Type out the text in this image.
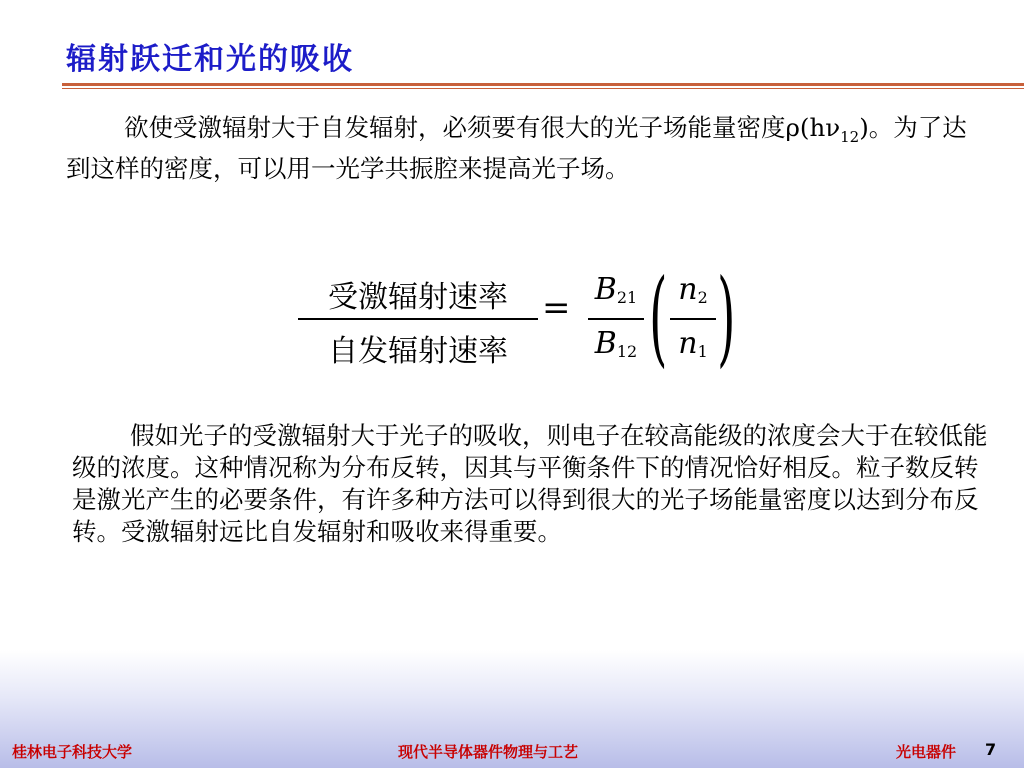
辐射跃迁和光的吸收

欲使受激辐射大于自发辐射，必须要有很大的光子场能量密度$\rho(h\nu_{12})$。为了达到这样的密度，可以用一光学共振腔来提高光子场。

受激辐射速率
自发辐射速率
= $B_{21}$
$B_{12}$ ( $n_2$
$n_1$ )

假如光子的受激辐射大于光子的吸收，则电子在较高能级的浓度会大于在较低能级的浓度。这种情况称为分布反转，因其与平衡条件下的情况恰好相反。粒子数反转是激光产生的必要条件，有许多种方法可以得到很大的光子场能量密度以达到分布反转。受激辐射远比自发辐射和吸收来得重要。

桂林电子科技大学	现代半导体器件物理与工艺	光电器件 7
